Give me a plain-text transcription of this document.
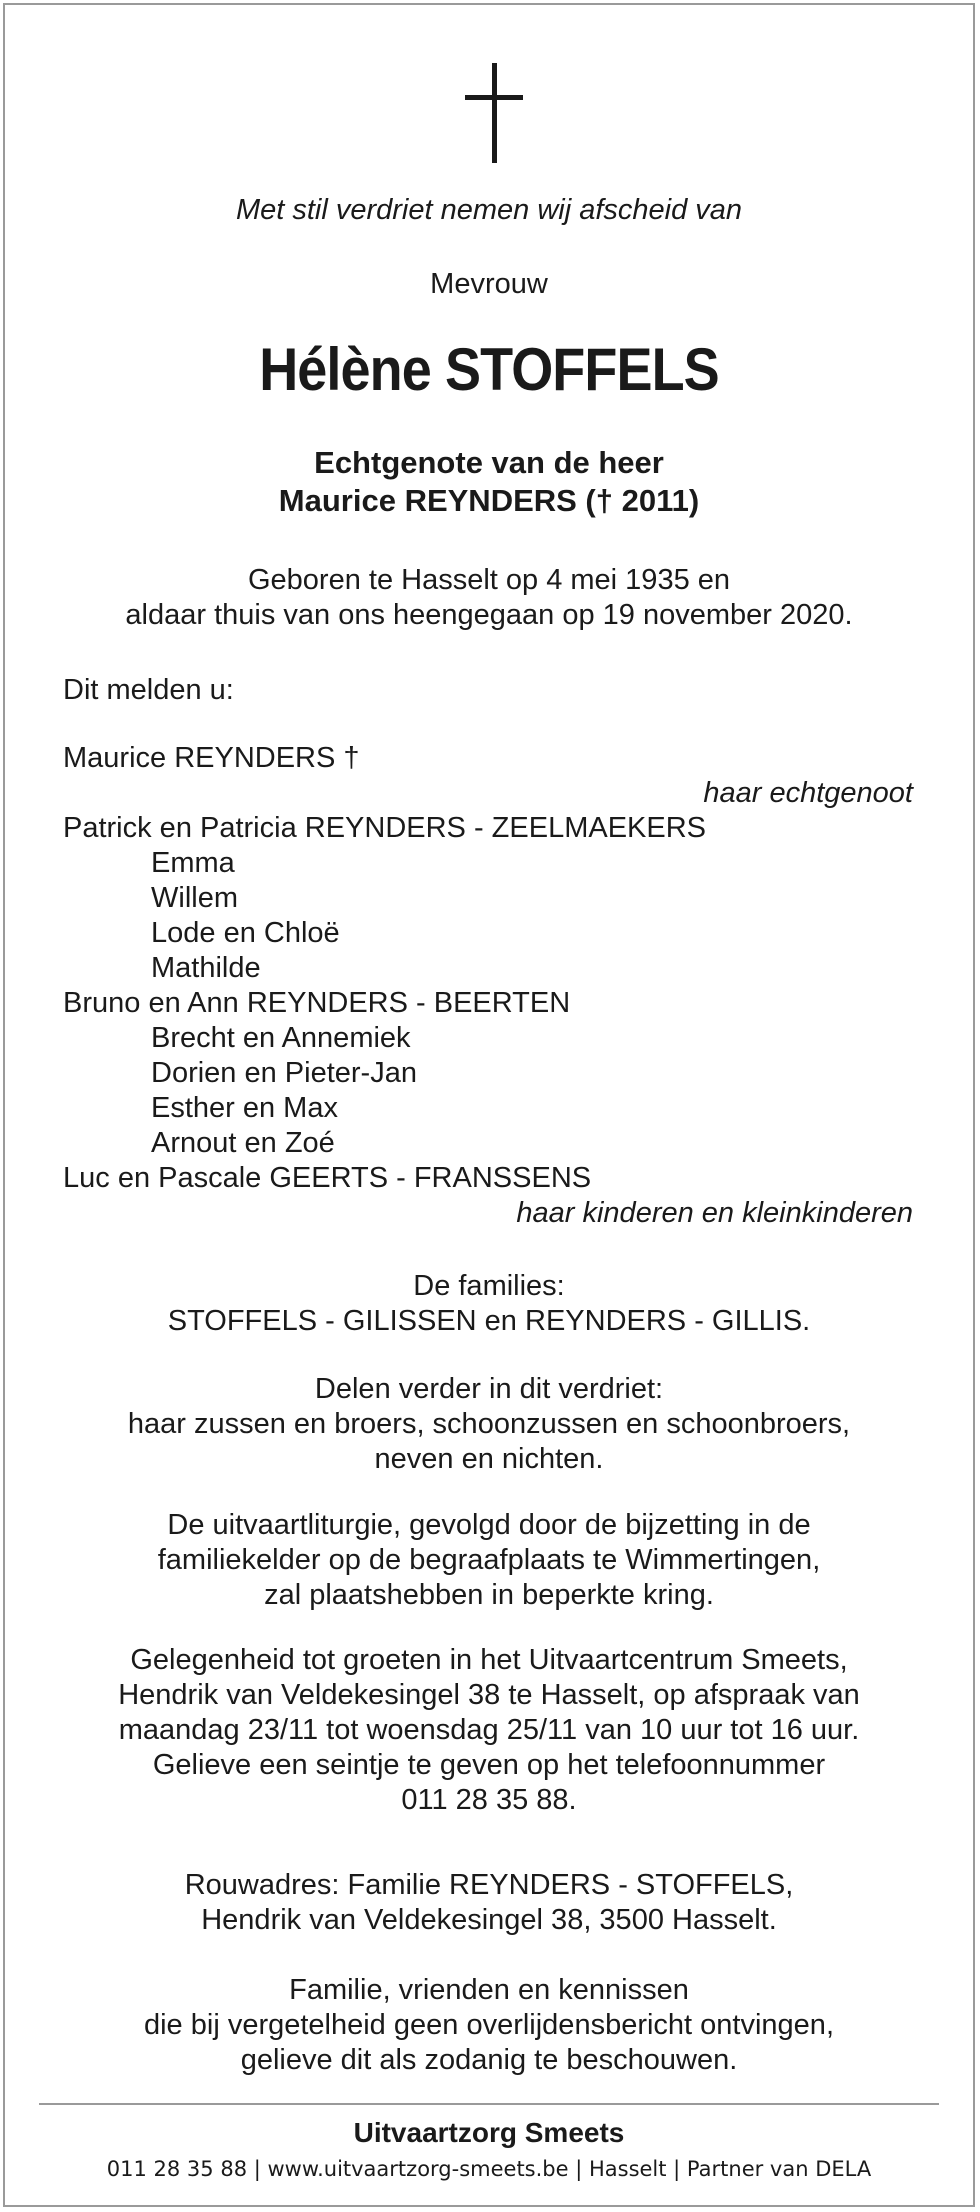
Met stil verdriet nemen wij afscheid van
Mevrouw
Hélène STOFFELS
Echtgenote van de heer
Maurice REYNDERS († 2011)
Geboren te Hasselt op 4 mei 1935 en
aldaar thuis van ons heengegaan op 19 november 2020.
Dit melden u:
Maurice REYNDERS †
haar echtgenoot
Patrick en Patricia REYNDERS - ZEELMAEKERS
Emma
Willem
Lode en Chloë
Mathilde
Bruno en Ann REYNDERS - BEERTEN
Brecht en Annemiek
Dorien en Pieter-Jan
Esther en Max
Arnout en Zoé
Luc en Pascale GEERTS - FRANSSENS
haar kinderen en kleinkinderen
De families:
STOFFELS - GILISSEN en REYNDERS - GILLIS.
Delen verder in dit verdriet:
haar zussen en broers, schoonzussen en schoonbroers,
neven en nichten.
De uitvaartliturgie, gevolgd door de bijzetting in de
familiekelder op de begraafplaats te Wimmertingen,
zal plaatshebben in beperkte kring.
Gelegenheid tot groeten in het Uitvaartcentrum Smeets,
Hendrik van Veldekesingel 38 te Hasselt, op afspraak van
maandag 23/11 tot woensdag 25/11 van 10 uur tot 16 uur.
Gelieve een seintje te geven op het telefoonnummer
011 28 35 88.
Rouwadres: Familie REYNDERS - STOFFELS,
Hendrik van Veldekesingel 38, 3500 Hasselt.
Familie, vrienden en kennissen
die bij vergetelheid geen overlijdensbericht ontvingen,
gelieve dit als zodanig te beschouwen.
Uitvaartzorg Smeets
011 28 35 88 | www.uitvaartzorg-smeets.be | Hasselt | Partner van DELA
